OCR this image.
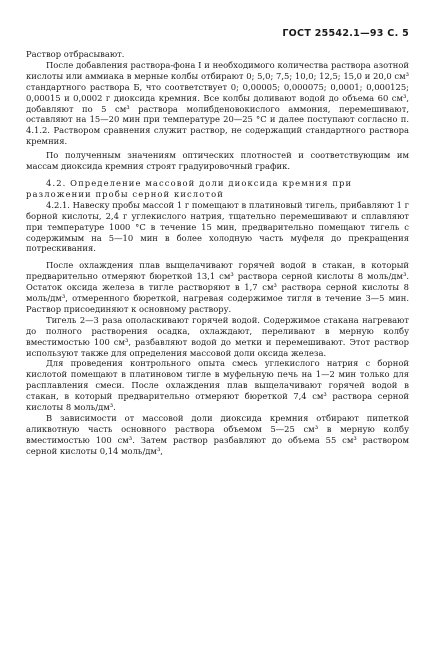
ГОСТ 25542.1—93 С. 5

Раствор отбрасывают.

После добавления раствора-фона I и необходимого количества раствора азотной кислоты или аммиака в мерные колбы отбирают 0; 5,0; 7,5; 10,0; 12,5; 15,0 и 20,0 см³ стандартного раствора Б, что соответствует 0; 0,00005; 0,000075; 0,0001; 0,000125; 0,00015 и 0,0002 г диоксида кремния. Все колбы доливают водой до объема 60 см³, добавляют по 5 см³ раствора молибденовокислого аммония, перемешивают, оставляют на 15—20 мин при температуре 20—25 °С и далее поступают согласно п. 4.1.2. Раствором сравнения служит раствор, не содержащий стандартного раствора кремния.

По полученным значениям оптических плотностей и соответствующим им массам диоксида кремния строят градуировочный график.

4.2. Определение массовой доли диоксида кремния при разложении пробы серной кислотой

4.2.1. Навеску пробы массой 1 г помещают в платиновый тигель, прибавляют 1 г борной кислоты, 2,4 г углекислого натрия, тщательно перемешивают и сплавляют при температуре 1000 °С в течение 15 мин, предварительно помещают тигель с содержимым на 5—10 мин в более холодную часть муфеля до прекращения потрескивания.

После охлаждения плав выщелачивают горячей водой в стакан, в который предварительно отмеряют бюреткой 13,1 см³ раствора серной кислоты 8 моль/дм³. Остаток оксида железа в тигле растворяют в 1,7 см³ раствора серной кислоты 8 моль/дм³, отмеренного бюреткой, нагревая содержимое тигля в течение 3—5 мин. Раствор присоединяют к основному раствору.

Тигель 2—3 раза ополаскивают горячей водой. Содержимое стакана нагревают до полного растворения осадка, охлаждают, переливают в мерную колбу вместимостью 100 см³, разбавляют водой до метки и перемешивают. Этот раствор используют также для определения массовой доли оксида железа.

Для проведения контрольного опыта смесь углекислого натрия с борной кислотой помещают в платиновом тигле в муфельную печь на 1—2 мин только для расплавления смеси. После охлаждения плав выщелачивают горячей водой в стакан, в который предварительно отмеряют бюреткой 7,4 см³ раствора серной кислоты 8 моль/дм³.

В зависимости от массовой доли диоксида кремния отбирают пипеткой аликвотную часть основного раствора объемом 5—25 см³ в мерную колбу вместимостью 100 см³. Затем раствор разбавляют до объема 55 см³ раствором серной кислоты 0,14 моль/дм³,
